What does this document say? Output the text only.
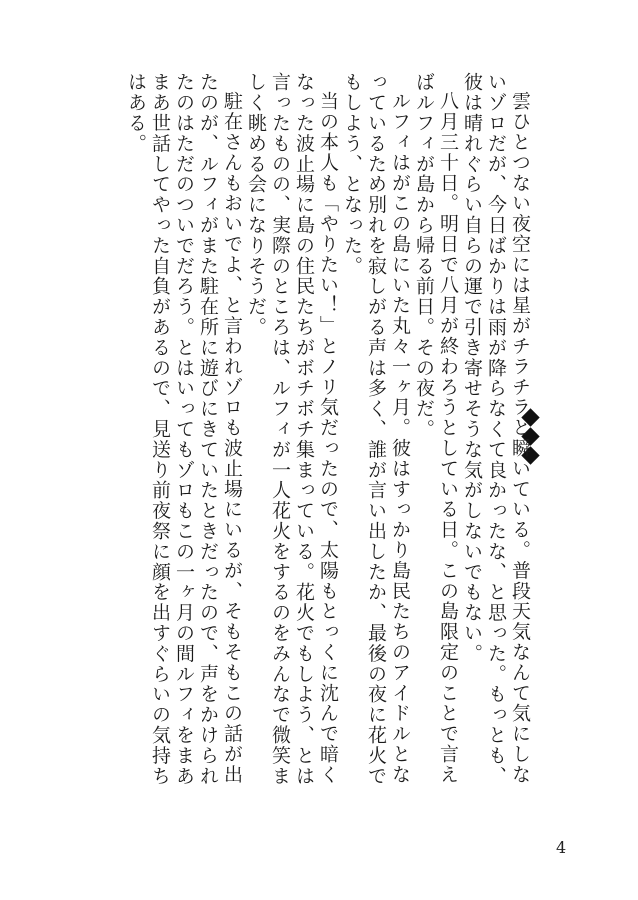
雲ひとつない夜空には星がチラチラと瞬いている。普段天気なんて気にしないゾロだが、今日ばかりは雨が降らなくて良かったな、と思った。もっとも、彼は晴れぐらい自らの運で引き寄せそうな気がしないでもない。

八月三十日。明日で八月が終わろうとしている日。この島限定のことで言えばルフィが島から帰る前日。その夜だ。

ルフィはがこの島にいた丸々一ヶ月。彼はすっかり島民たちのアイドルとなっているため別れを寂しがる声は多く、誰が言い出したか、最後の夜に花火でもしよう、となった。

当の本人も「やりたい！」とノリ気だったので、太陽もとっくに沈んで暗くなった波止場に島の住民たちがボチボチ集まっている。花火でもしよう、とは言ったものの、実際のところは、ルフィが一人花火をするのをみんなで微笑ましく眺める会になりそうだ。

駐在さんもおいでよ、と言われゾロも波止場にいるが、そもそもこの話が出たのが、ルフィがまた駐在所に遊びにきていたときだったので、声をかけられたのはただのついでだろう。とはいってもゾロもこの一ヶ月の間ルフィをまあまあ世話してやった自負があるので、見送り前夜祭に顔を出すぐらいの気持ちはある。

4
